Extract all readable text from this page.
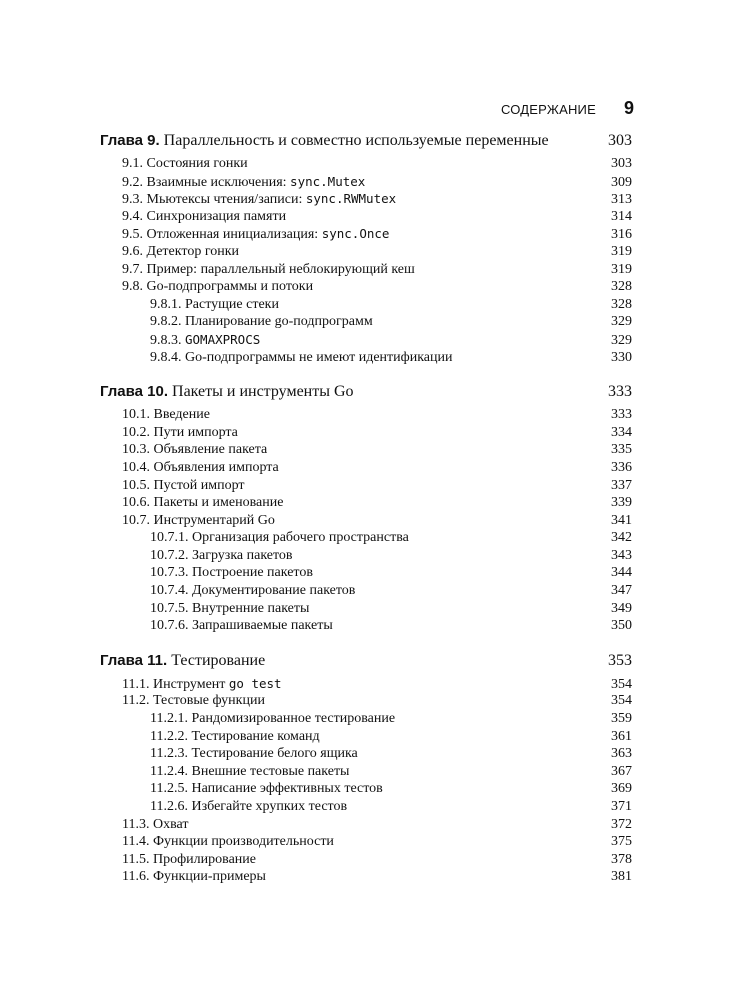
СОДЕРЖАНИЕ 9
Глава 9. Параллельность и совместно используемые переменные	303
9.1. Состояния гонки	303
9.2. Взаимные исключения: sync.Mutex	309
9.3. Мьютексы чтения/записи: sync.RWMutex	313
9.4. Синхронизация памяти	314
9.5. Отложенная инициализация: sync.Once	316
9.6. Детектор гонки	319
9.7. Пример: параллельный неблокирующий кеш	319
9.8. Go-подпрограммы и потоки	328
9.8.1. Растущие стеки	328
9.8.2. Планирование go-подпрограмм	329
9.8.3. GOMAXPROCS	329
9.8.4. Go-подпрограммы не имеют идентификации	330
Глава 10. Пакеты и инструменты Go	333
10.1. Введение	333
10.2. Пути импорта	334
10.3. Объявление пакета	335
10.4. Объявления импорта	336
10.5. Пустой импорт	337
10.6. Пакеты и именование	339
10.7. Инструментарий Go	341
10.7.1. Организация рабочего пространства	342
10.7.2. Загрузка пакетов	343
10.7.3. Построение пакетов	344
10.7.4. Документирование пакетов	347
10.7.5. Внутренние пакеты	349
10.7.6. Запрашиваемые пакеты	350
Глава 11. Тестирование	353
11.1. Инструмент go test	354
11.2. Тестовые функции	354
11.2.1. Рандомизированное тестирование	359
11.2.2. Тестирование команд	361
11.2.3. Тестирование белого ящика	363
11.2.4. Внешние тестовые пакеты	367
11.2.5. Написание эффективных тестов	369
11.2.6. Избегайте хрупких тестов	371
11.3. Охват	372
11.4. Функции производительности	375
11.5. Профилирование	378
11.6. Функции-примеры	381
